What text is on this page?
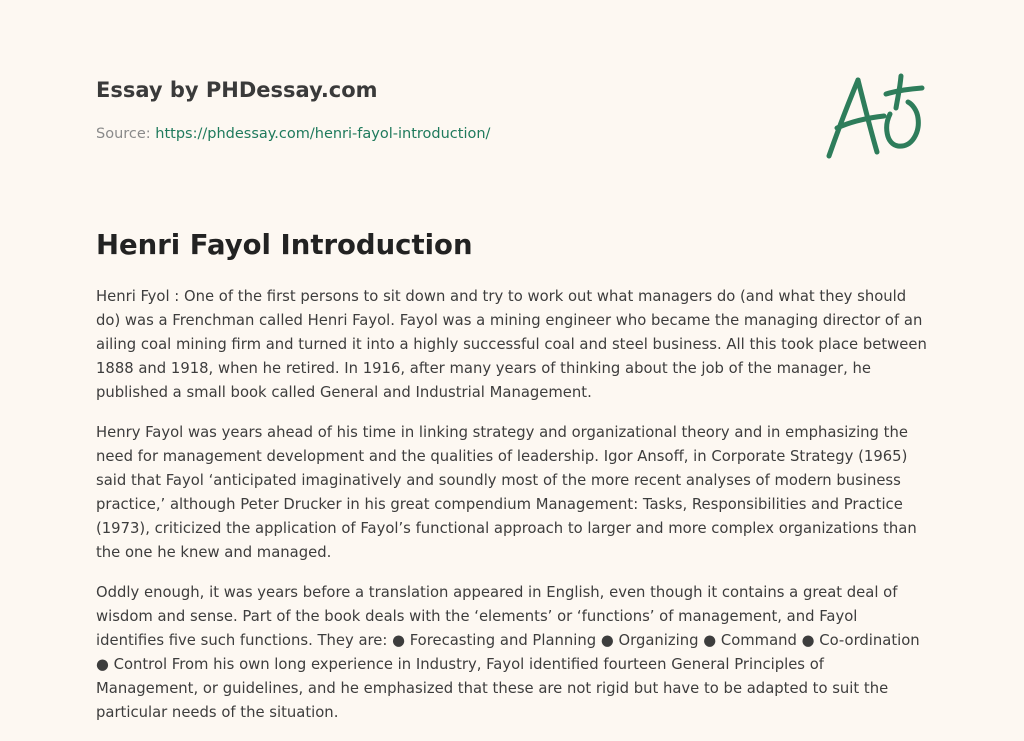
Essay by PHDessay.com
Source: https://phdessay.com/henri-fayol-introduction/
Henri Fayol Introduction

Henri Fyol : One of the first persons to sit down and try to work out what managers do (and what they should do) was a Frenchman called Henri Fayol. Fayol was a mining engineer who became the managing director of an ailing coal mining firm and turned it into a highly successful coal and steel business. All this took place between 1888 and 1918, when he retired. In 1916, after many years of thinking about the job of the manager, he published a small book called General and Industrial Management.

Henry Fayol was years ahead of his time in linking strategy and organizational theory and in emphasizing the need for management development and the qualities of leadership. Igor Ansoff, in Corporate Strategy (1965) said that Fayol ‘anticipated imaginatively and soundly most of the more recent analyses of modern business practice,’ although Peter Drucker in his great compendium Management: Tasks, Responsibilities and Practice (1973), criticized the application of Fayol’s functional approach to larger and more complex organizations than the one he knew and managed.

Oddly enough, it was years before a translation appeared in English, even though it contains a great deal of wisdom and sense. Part of the book deals with the ‘elements’ or ‘functions’ of management, and Fayol identifies five such functions. They are: ● Forecasting and Planning ● Organizing ● Command ● Co-ordination ● Control From his own long experience in Industry, Fayol identified fourteen General Principles of Management, or guidelines, and he emphasized that these are not rigid but have to be adapted to suit the particular needs of the situation.
